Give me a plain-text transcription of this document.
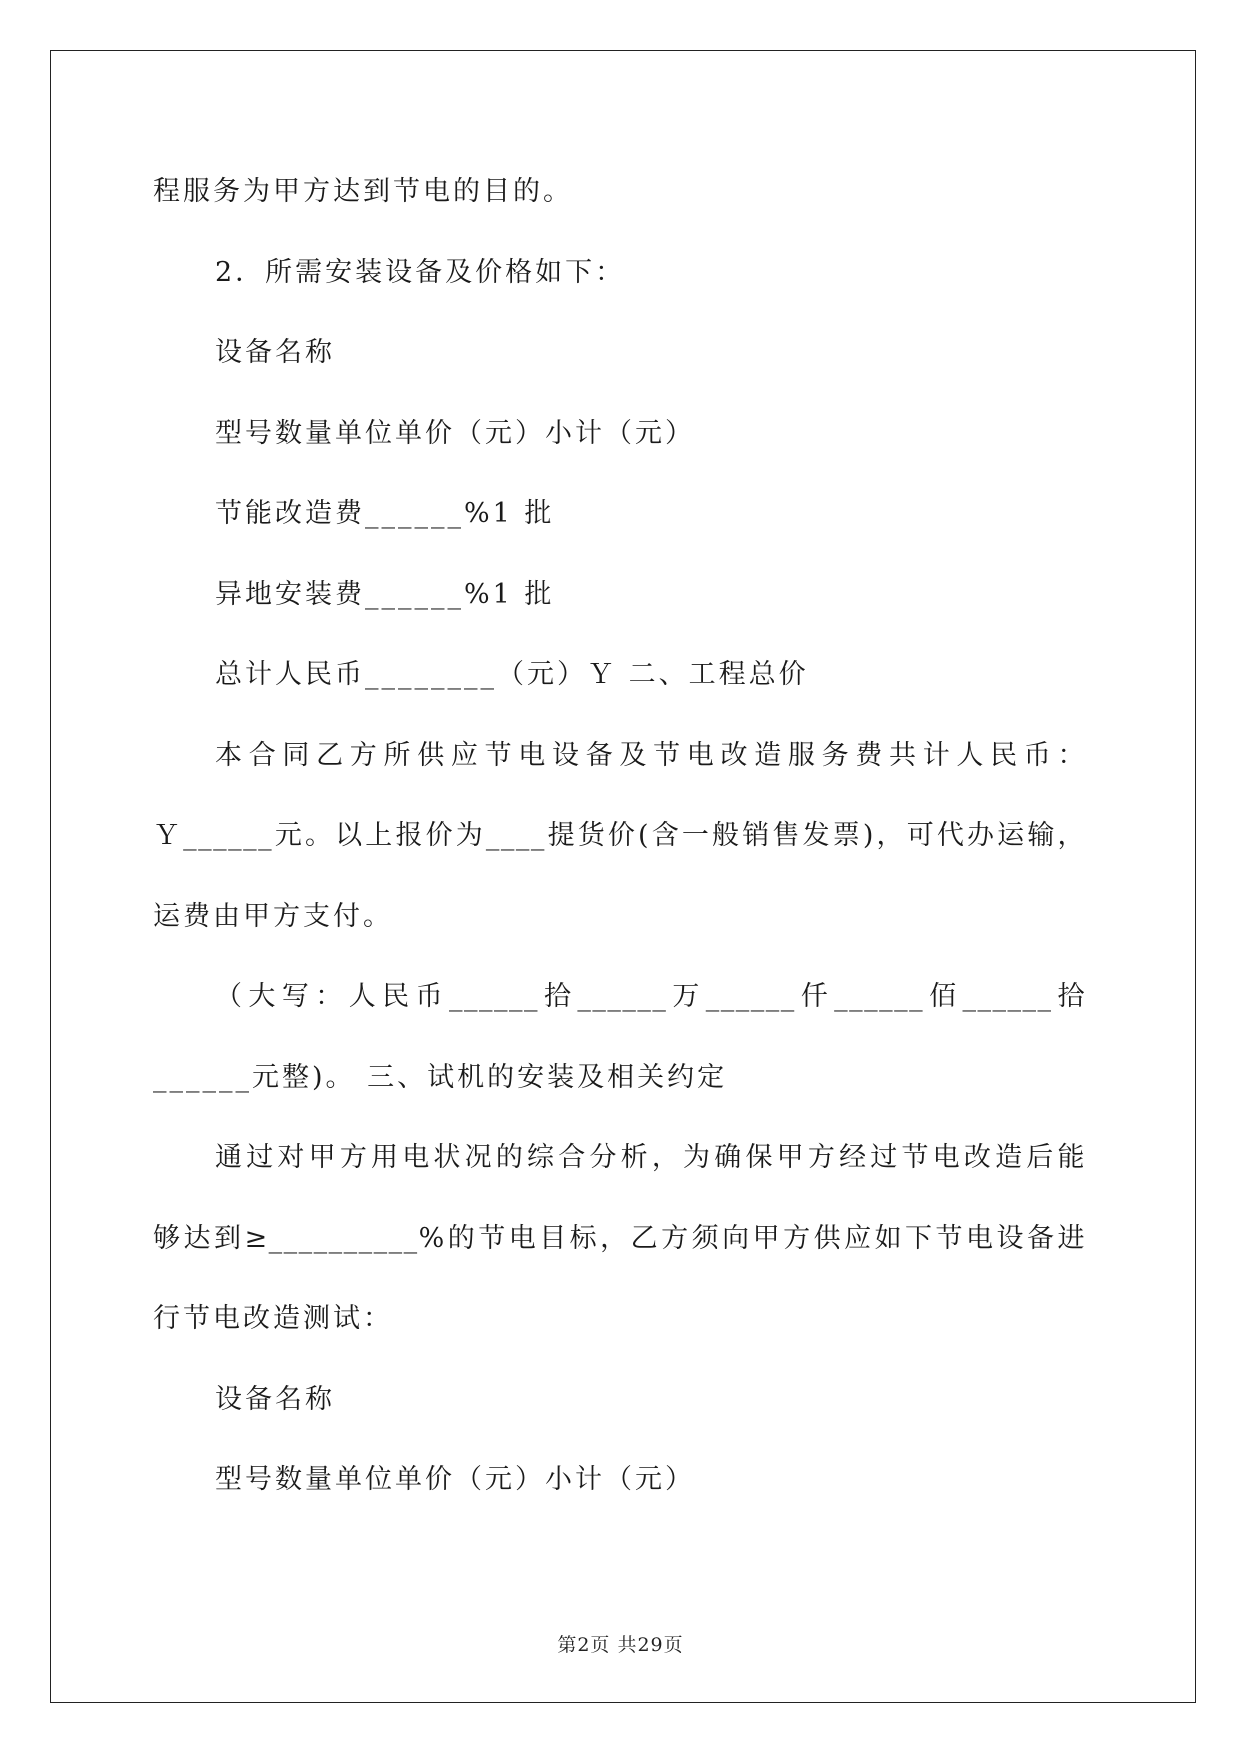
程服务为甲方达到节电的目的。
2．所需安装设备及价格如下：
设备名称
型号数量单位单价（元）小计（元）
节能改造费______%1 批
异地安装费______%1 批
总计人民币________（元）Ｙ 二、工程总价
本合同乙方所供应节电设备及节电改造服务费共计人民币：
Ｙ______元。以上报价为____提货价(含一般销售发票)，可代办运输，
运费由甲方支付。
（大写：人民币______拾______万______仟______佰______拾
______元整)。 三、试机的安装及相关约定
通过对甲方用电状况的综合分析，为确保甲方经过节电改造后能
够达到≥__________%的节电目标，乙方须向甲方供应如下节电设备进
行节电改造测试：
设备名称
型号数量单位单价（元）小计（元）
第2页 共29页
